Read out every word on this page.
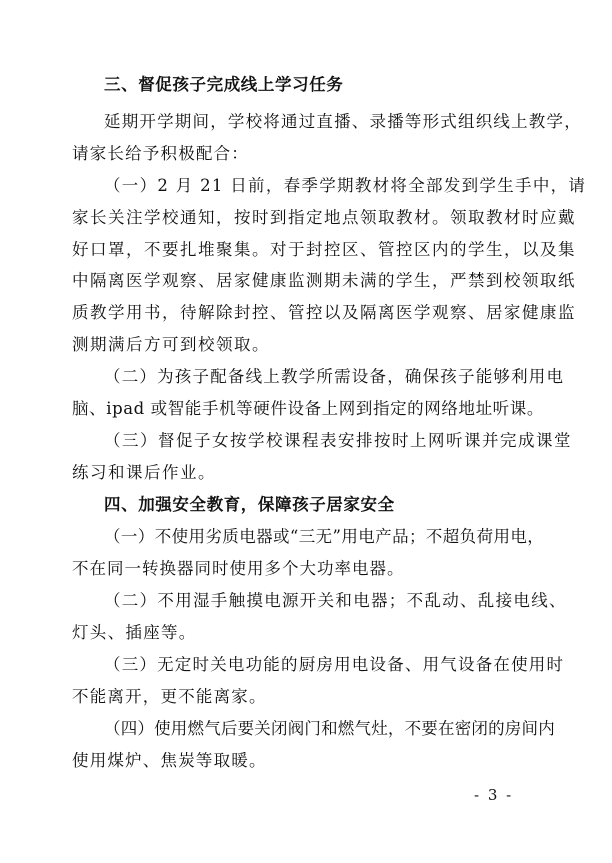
三、督促孩子完成线上学习任务
延期开学期间，学校将通过直播、录播等形式组织线上教学，
请家长给予积极配合：
（一）2 月 21 日前，春季学期教材将全部发到学生手中，请
家长关注学校通知，按时到指定地点领取教材。领取教材时应戴
好口罩，不要扎堆聚集。对于封控区、管控区内的学生，以及集
中隔离医学观察、居家健康监测期未满的学生，严禁到校领取纸
质教学用书，待解除封控、管控以及隔离医学观察、居家健康监
测期满后方可到校领取。
（二）为孩子配备线上教学所需设备，确保孩子能够利用电
脑、ipad 或智能手机等硬件设备上网到指定的网络地址听课。
（三）督促子女按学校课程表安排按时上网听课并完成课堂
练习和课后作业。
四、加强安全教育，保障孩子居家安全
（一）不使用劣质电器或“三无”用电产品；不超负荷用电，
不在同一转换器同时使用多个大功率电器。
（二）不用湿手触摸电源开关和电器；不乱动、乱接电线、
灯头、插座等。
（三）无定时关电功能的厨房用电设备、用气设备在使用时
不能离开，更不能离家。
（四）使用燃气后要关闭阀门和燃气灶，不要在密闭的房间内
使用煤炉、焦炭等取暖。
- 3 -
